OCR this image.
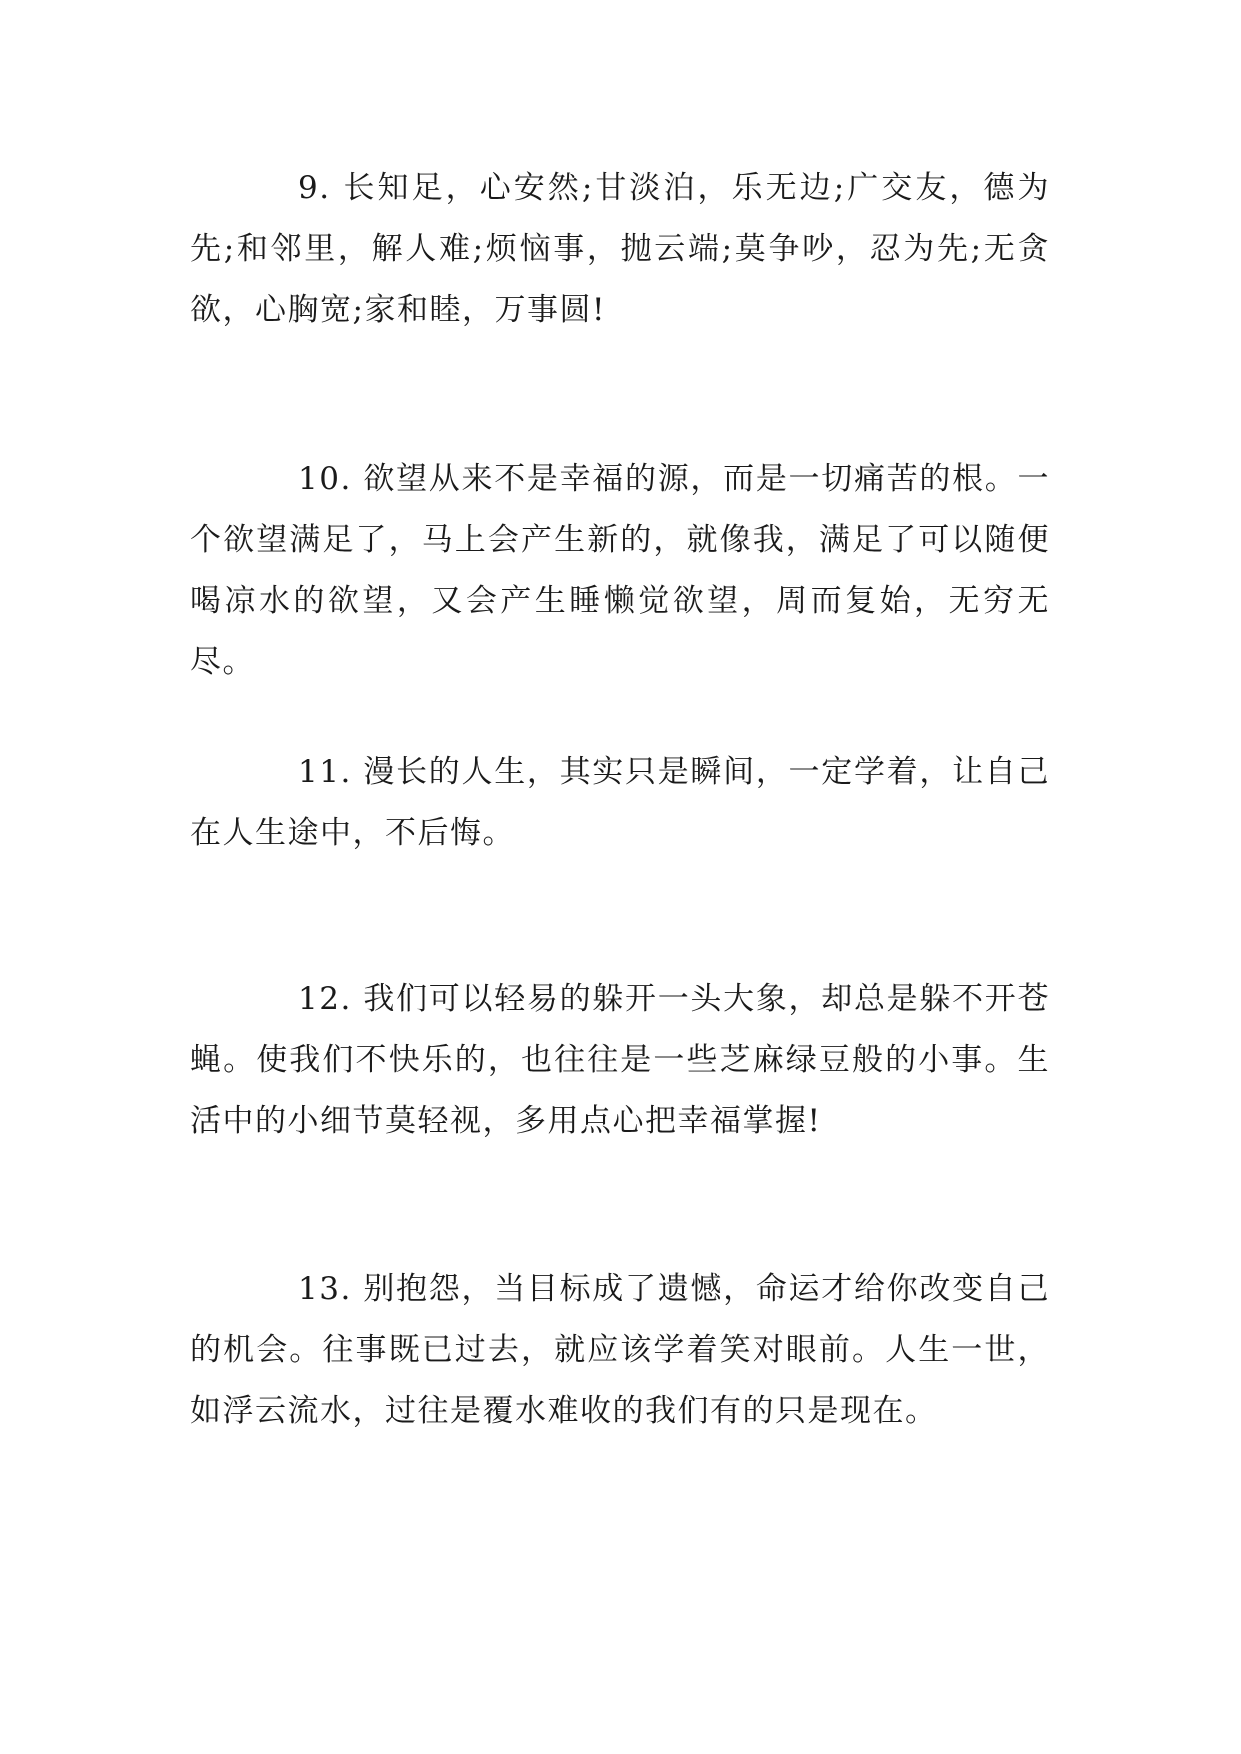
9. 长知足，心安然;甘淡泊，乐无边;广交友，德为先;和邻里，解人难;烦恼事，抛云端;莫争吵，忍为先;无贪欲，心胸宽;家和睦，万事圆!

10. 欲望从来不是幸福的源，而是一切痛苦的根。一个欲望满足了，马上会产生新的，就像我，满足了可以随便喝凉水的欲望，又会产生睡懒觉欲望，周而复始，无穷无尽。

11. 漫长的人生，其实只是瞬间，一定学着，让自己在人生途中，不后悔。

12. 我们可以轻易的躲开一头大象，却总是躲不开苍蝇。使我们不快乐的，也往往是一些芝麻绿豆般的小事。生活中的小细节莫轻视，多用点心把幸福掌握!

13. 别抱怨，当目标成了遗憾，命运才给你改变自己的机会。往事既已过去，就应该学着笑对眼前。人生一世，如浮云流水，过往是覆水难收的我们有的只是现在。
